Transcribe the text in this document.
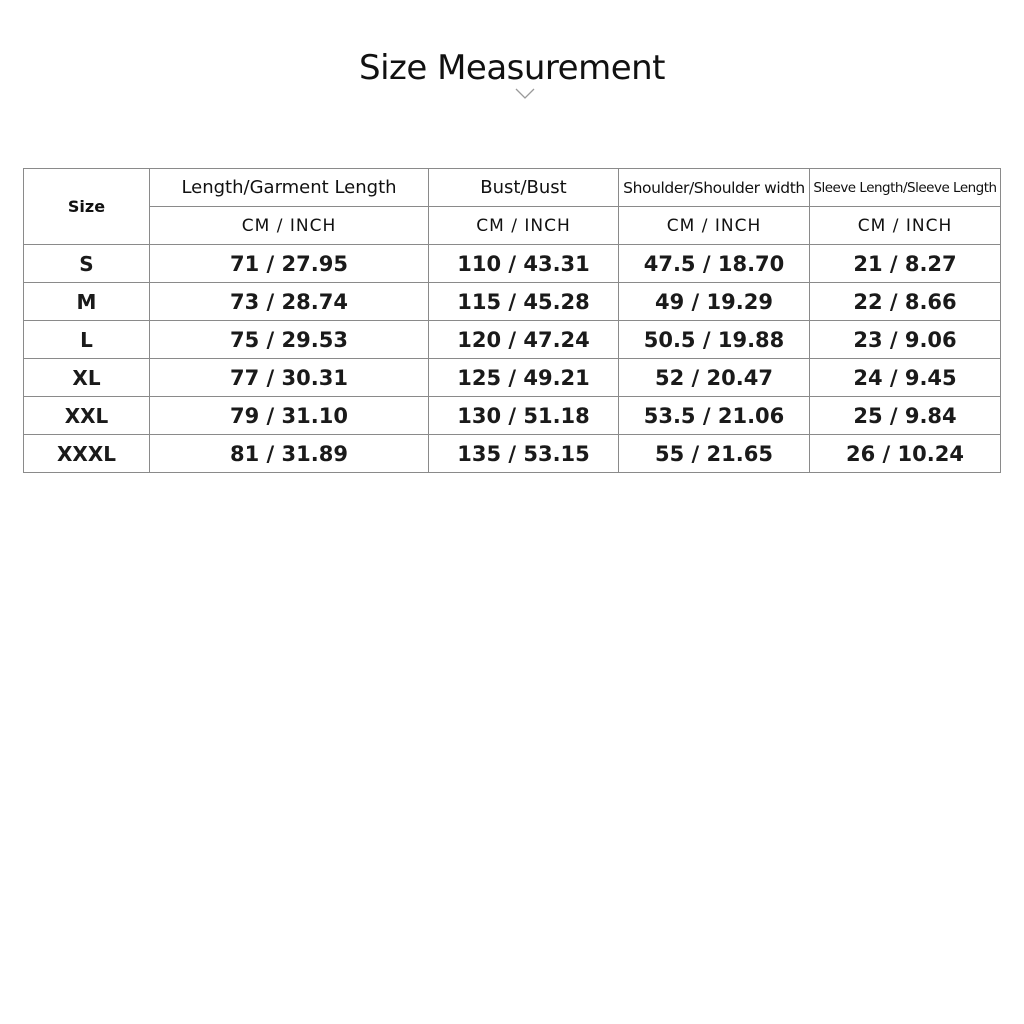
Size Measurement
Size	Length/Garment Length	Bust/Bust	Shoulder/Shoulder width	Sleeve Length/Sleeve Length
	CM / INCH	CM / INCH	CM / INCH	CM / INCH
S	71 / 27.95	110 / 43.31	47.5 / 18.70	21 / 8.27
M	73 / 28.74	115 / 45.28	49 / 19.29	22 / 8.66
L	75 / 29.53	120 / 47.24	50.5 / 19.88	23 / 9.06
XL	77 / 30.31	125 / 49.21	52 / 20.47	24 / 9.45
XXL	79 / 31.10	130 / 51.18	53.5 / 21.06	25 / 9.84
XXXL	81 / 31.89	135 / 53.15	55 / 21.65	26 / 10.24
